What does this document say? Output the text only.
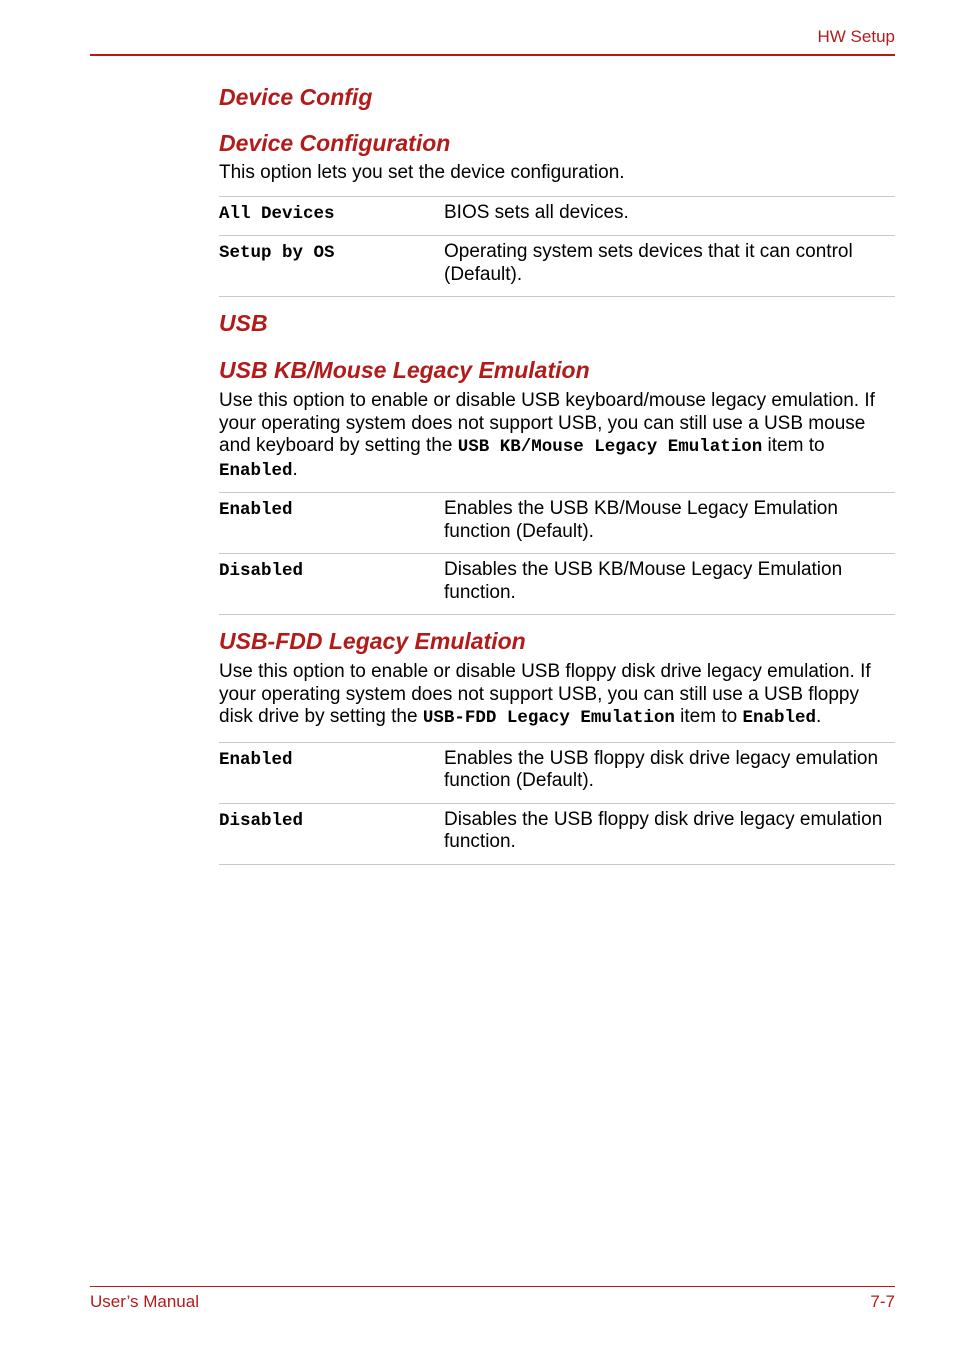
HW Setup
Device Config
Device Configuration

This option lets you set the device configuration.

All Devices	BIOS sets all devices.
Setup by OS	Operating system sets devices that it can control (Default).
USB
USB KB/Mouse Legacy Emulation

Use this option to enable or disable USB keyboard/mouse legacy emulation. If your operating system does not support USB, you can still use a USB mouse and keyboard by setting the USB KB/Mouse Legacy Emulation item to Enabled.

Enabled	Enables the USB KB/Mouse Legacy Emulation function (Default).
Disabled	Disables the USB KB/Mouse Legacy Emulation function.
USB-FDD Legacy Emulation

Use this option to enable or disable USB floppy disk drive legacy emulation. If your operating system does not support USB, you can still use a USB floppy disk drive by setting the USB-FDD Legacy Emulation item to Enabled.

Enabled	Enables the USB floppy disk drive legacy emulation function (Default).
Disabled	Disables the USB floppy disk drive legacy emulation function.
User’s Manual	7-7
